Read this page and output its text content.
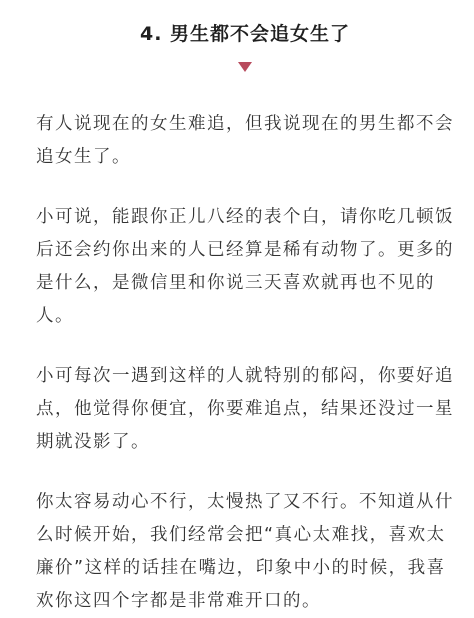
4. 男生都不会追女生了

有人说现在的女生难追，但我说现在的男生都不会追女生了。

小可说，能跟你正儿八经的表个白，请你吃几顿饭后还会约你出来的人已经算是稀有动物了。更多的是什么，是微信里和你说三天喜欢就再也不见的人。

小可每次一遇到这样的人就特别的郁闷，你要好追点，他觉得你便宜，你要难追点，结果还没过一星期就没影了。

你太容易动心不行，太慢热了又不行。不知道从什么时候开始，我们经常会把“真心太难找，喜欢太廉价”这样的话挂在嘴边，印象中小的时候，我喜欢你这四个字都是非常难开口的。
